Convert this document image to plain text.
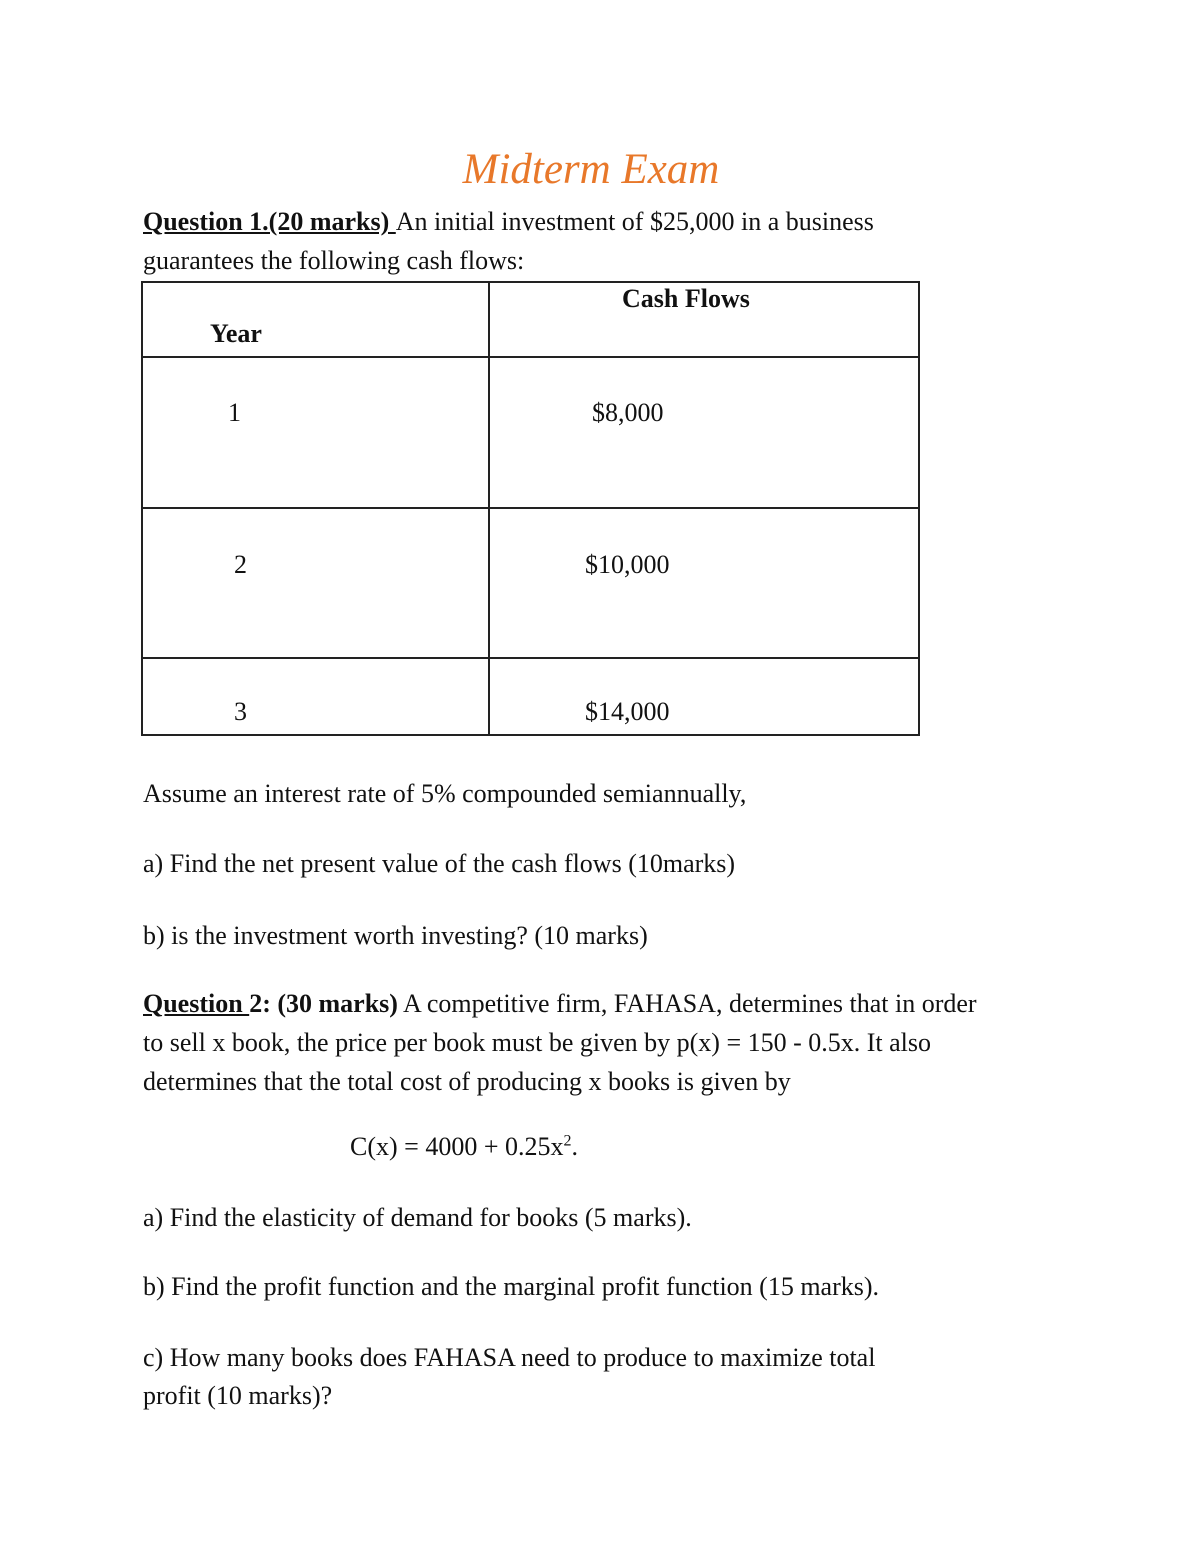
Midterm Exam
Question 1.(20 marks) An initial investment of $25,000 in a business
guarantees the following cash flows:
Year	Cash Flows

1	$8,000

2	$10,000

3	$14,000
Assume an interest rate of 5% compounded semiannually,
a) Find the net present value of the cash flows (10marks)
b) is the investment worth investing? (10 marks)
Question 2: (30 marks) A competitive firm, FAHASA, determines that in order
to sell x book, the price per book must be given by p(x) = 150 - 0.5x. It also
determines that the total cost of producing x books is given by
$C(x) = 4000 + 0.25x^2$.
a) Find the elasticity of demand for books (5 marks).
b) Find the profit function and the marginal profit function (15 marks).
c) How many books does FAHASA need to produce to maximize total
profit (10 marks)?
